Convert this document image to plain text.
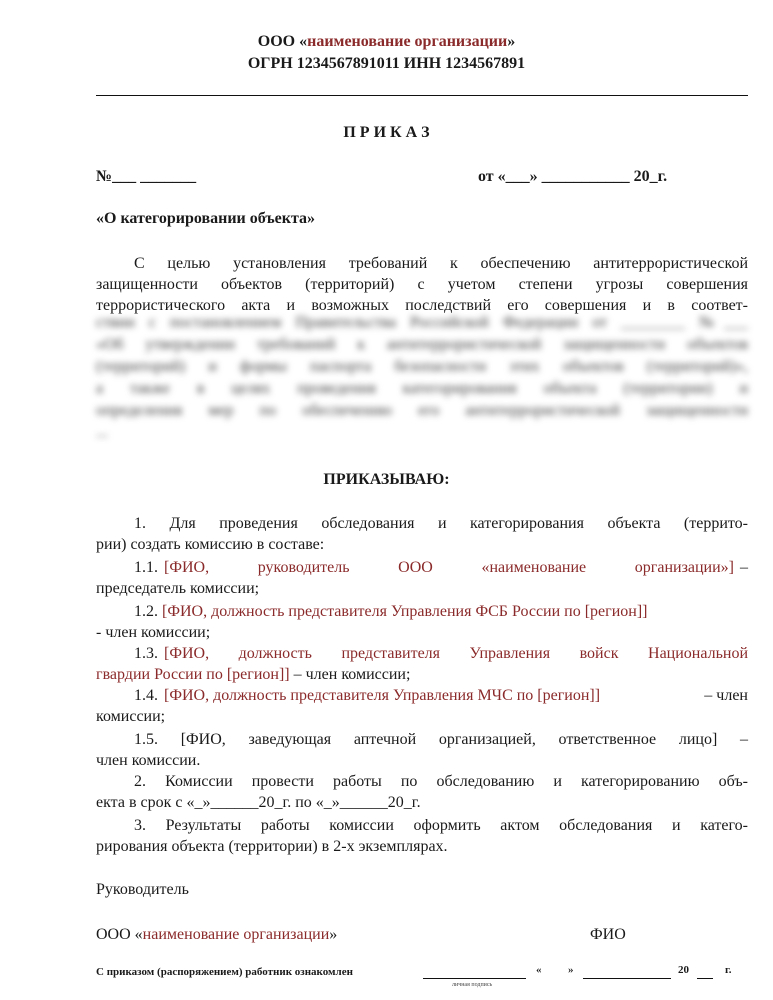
ООО «наименование организации»
ОГРН 1234567891011 ИНН 1234567891
П Р И К А З
№___ _______	от «___» ___________ 20_г.
«О категорировании объекта»
С целью установления требований к обеспечению антитеррористической
защищенности объектов (территорий) с учетом степени угрозы совершения
террористического акта и возможных последствий его совершения и в соответ-
ствии с постановлением Правительства Российской Федерации от ________ №___
«Об утверждении требований к антитеррористической защищенности объектов
(территорий) и формы паспорта безопасности этих объектов (территорий)»,
а также в целях проведения категорирования объекта (территории) и
определения мер по обеспечению его антитеррористической защищенности
...
ПРИКАЗЫВАЮ:
1. Для проведения обследования и категорирования объекта (террито-
рии) создать комиссию в составе:
1.1. [ФИО, руководитель ООО «наименование организации»] –
председатель комиссии;
1.2. [ФИО, должность представителя Управления ФСБ России по [регион]]
- член комиссии;
1.3. [ФИО, должность представителя Управления войск Национальной
гвардии России по [регион]] – член комиссии;
1.4. [ФИО, должность представителя Управления МЧС по [регион]]	– член
комиссии;
1.5. [ФИО, заведующая аптечной организацией, ответственное лицо] –
член комиссии.
2. Комиссии провести работы по обследованию и категорированию объ-
екта в срок с «_»______20_г. по «_»______20_г.
3. Результаты работы комиссии оформить актом обследования и катего-
рирования объекта (территории) в 2-х экземплярах.
Руководитель
ООО «наименование организации»	ФИО
С приказом (распоряжением) работник ознакомлен
личная подпись
« »	20	г.
